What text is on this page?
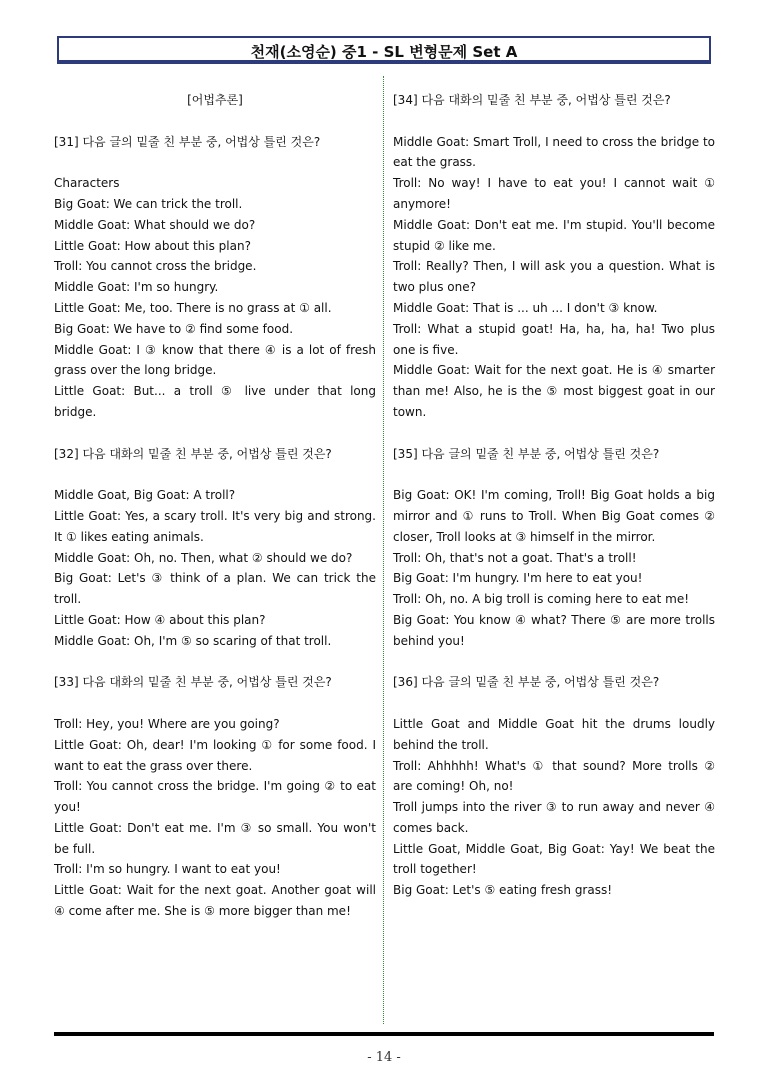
천재(소영순) 중1 - SL 변형문제 Set A

[어법추론]

[31] 다음 글의 밑줄 친 부분 중, 어법상 틀린 것은?

Characters

Big Goat: We can trick the troll.

Middle Goat: What should we do?

Little Goat: How about this plan?

Troll: You cannot cross the bridge.

Middle Goat: I'm so hungry.

Little Goat: Me, too. There is no grass at ① all.

Big Goat: We have to ② find some food.

Middle Goat: I ③ know that there ④ is a lot of fresh grass over the long bridge.

Little Goat: But... a troll ⑤ live under that long bridge.

[32] 다음 대화의 밑줄 친 부분 중, 어법상 틀린 것은?

Middle Goat, Big Goat: A troll?

Little Goat: Yes, a scary troll. It's very big and strong. It ① likes eating animals.

Middle Goat: Oh, no. Then, what ② should we do?

Big Goat: Let's ③ think of a plan. We can trick the troll.

Little Goat: How ④ about this plan?

Middle Goat: Oh, I'm ⑤ so scaring of that troll.

[33] 다음 대화의 밑줄 친 부분 중, 어법상 틀린 것은?

Troll: Hey, you! Where are you going?

Little Goat: Oh, dear! I'm looking ① for some food. I want to eat the grass over there.

Troll: You cannot cross the bridge. I'm going ② to eat you!

Little Goat: Don't eat me. I'm ③ so small. You won't be full.

Troll: I'm so hungry. I want to eat you!

Little Goat: Wait for the next goat. Another goat will ④ come after me. She is ⑤ more bigger than me!

[34] 다음 대화의 밑줄 친 부분 중, 어법상 틀린 것은?

Middle Goat: Smart Troll, I need to cross the bridge to eat the grass.

Troll: No way! I have to eat you! I cannot wait ① anymore!

Middle Goat: Don't eat me. I'm stupid. You'll become stupid ② like me.

Troll: Really? Then, I will ask you a question. What is two plus one?

Middle Goat: That is ... uh ... I don't ③ know.

Troll: What a stupid goat! Ha, ha, ha, ha! Two plus one is five.

Middle Goat: Wait for the next goat. He is ④ smarter than me! Also, he is the ⑤ most biggest goat in our town.

[35] 다음 글의 밑줄 친 부분 중, 어법상 틀린 것은?

Big Goat: OK! I'm coming, Troll! Big Goat holds a big mirror and ① runs to Troll. When Big Goat comes ② closer, Troll looks at ③ himself in the mirror.

Troll: Oh, that's not a goat. That's a troll!

Big Goat: I'm hungry. I'm here to eat you!

Troll: Oh, no. A big troll is coming here to eat me!

Big Goat: You know ④ what? There ⑤ are more trolls behind you!

[36] 다음 글의 밑줄 친 부분 중, 어법상 틀린 것은?

Little Goat and Middle Goat hit the drums loudly behind the troll.

Troll: Ahhhhh! What's ① that sound? More trolls ② are coming! Oh, no!

Troll jumps into the river ③ to run away and never ④ comes back.

Little Goat, Middle Goat, Big Goat: Yay! We beat the troll together!

Big Goat: Let's ⑤ eating fresh grass!

- 14 -
